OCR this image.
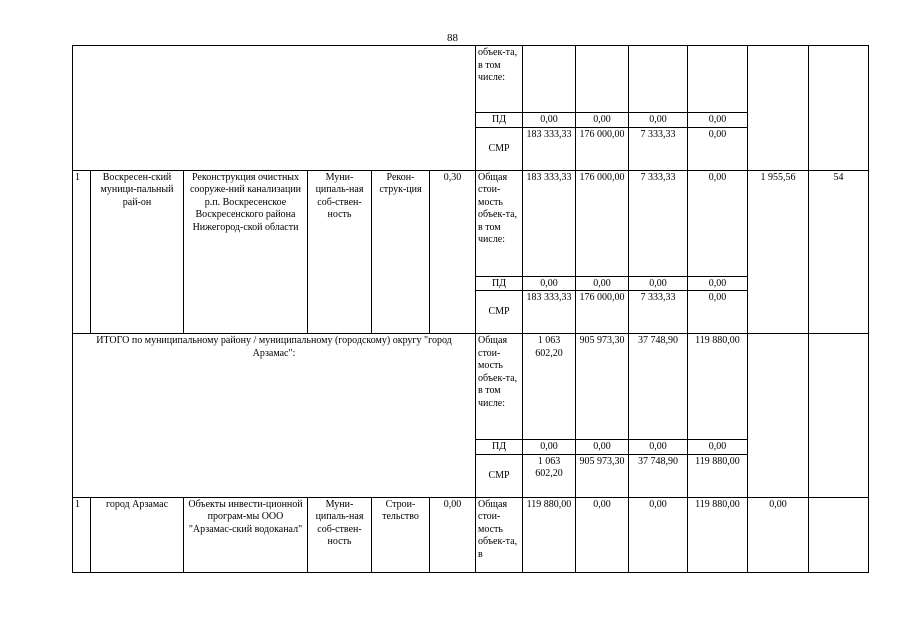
88
						объек-та, в том числе:						
						ПД	0,00	0,00	0,00	0,00		
						СМР	183 333,33	176 000,00	7 333,33	0,00		
1	Воскресен-ский муници-пальный рай-он	Реконструкция очистных сооруже-ний канализации р.п. Воскресенское Воскресенского района Нижегород-ской области	Муни-ципаль-ная соб-ствен-ность	Рекон-струк-ция	0,30	Общая стои-мость объек-та, в том числе:	183 333,33	176 000,00	7 333,33	0,00	1 955,56	54
						ПД	0,00	0,00	0,00	0,00		
						СМР	183 333,33	176 000,00	7 333,33	0,00		
ИТОГО по муниципальному району / муниципальному (городскому) округу "город Арзамас":						Общая стои-мость объек-та, в том числе:	1 063 602,20	905 973,30	37 748,90	119 880,00		
						ПД	0,00	0,00	0,00	0,00		
						СМР	1 063 602,20	905 973,30	37 748,90	119 880,00		
1	город Арзамас	Объекты инвести-ционной програм-мы ООО "Арзамас-ский водоканал"	Муни-ципаль-ная соб-ствен-ность	Строи-тельство	0,00	Общая стои-мость объек-та, в	119 880,00	0,00	0,00	119 880,00	0,00	
